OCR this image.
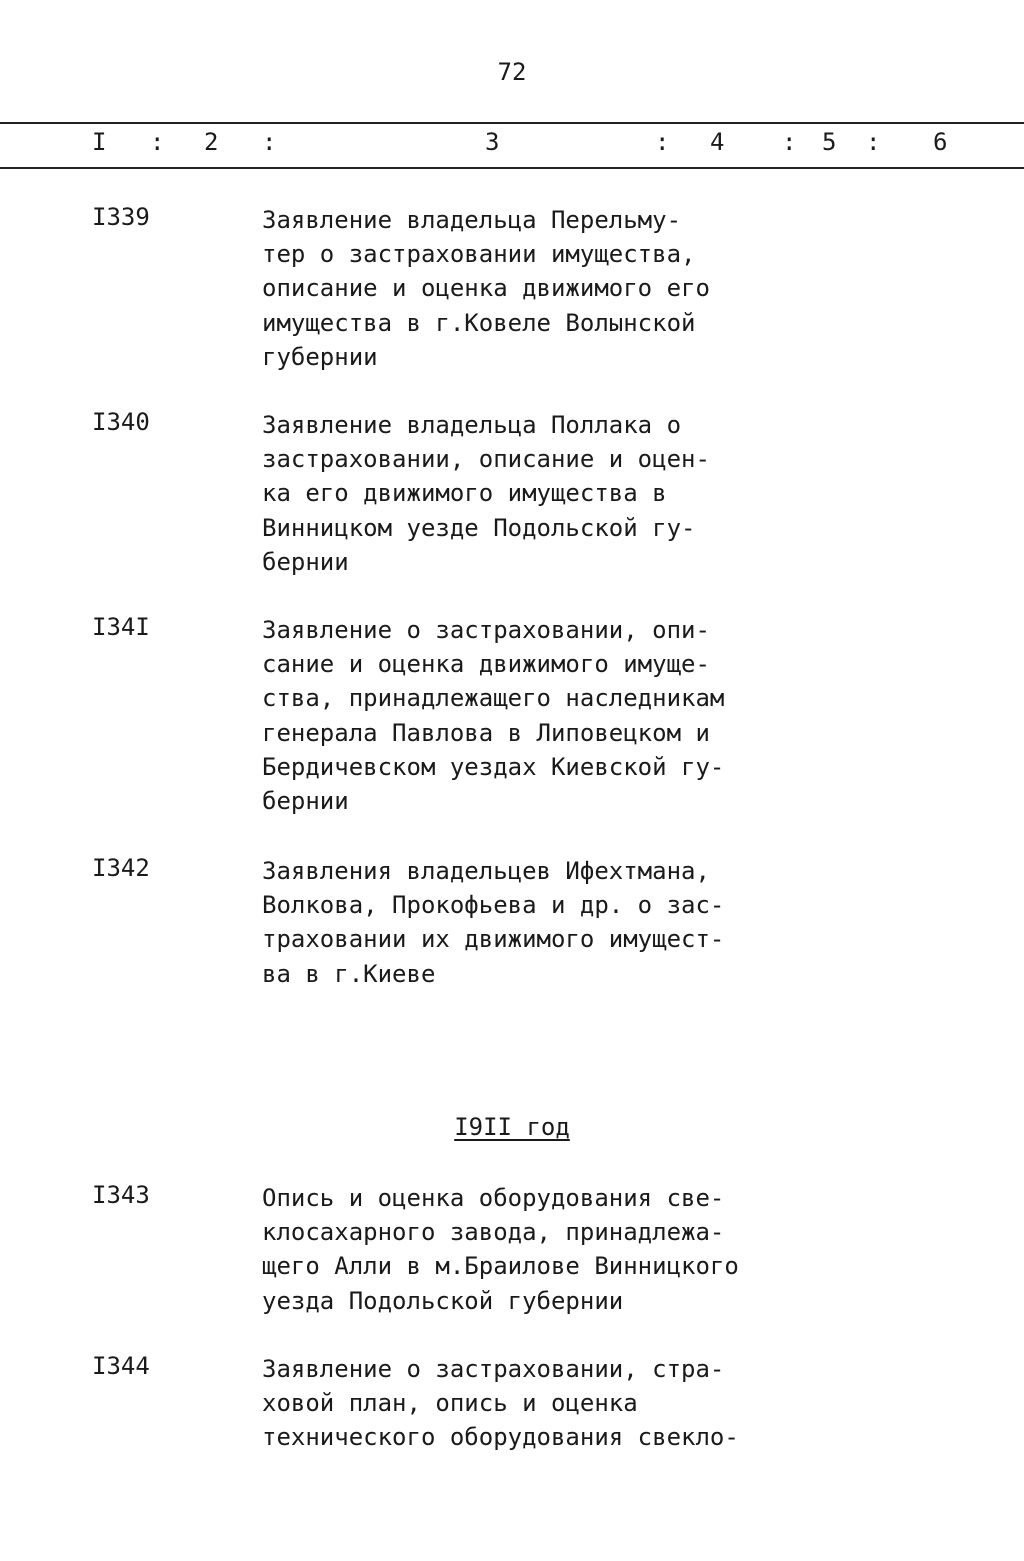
72
I : 2 :	3	: 4 : 5 : 6
I339	Заявление владельца Перельму-
тер о застраховании имущества,
описание и оценка движимого его
имущества в г.Ковеле Волынской
губернии
I340	Заявление владельца Поллака о
застраховании, описание и оцен-
ка его движимого имущества в
Винницком уезде Подольской гу-
бернии
I34I	Заявление о застраховании, опи-
сание и оценка движимого имуще-
ства, принадлежащего наследникам
генерала Павлова в Липовецком и
Бердичевском уездах Киевской гу-
бернии
I342	Заявления владельцев Ифехтмана,
Волкова, Прокофьева и др. о зас-
траховании их движимого имущест-
ва в г.Киеве
I9II год
I343	Опись и оценка оборудования све-
клосахарного завода, принадлежа-
щего Алли в м.Браилове Винницкого
уезда Подольской губернии
I344	Заявление о застраховании, стра-
ховой план, опись и оценка
технического оборудования свекло-
